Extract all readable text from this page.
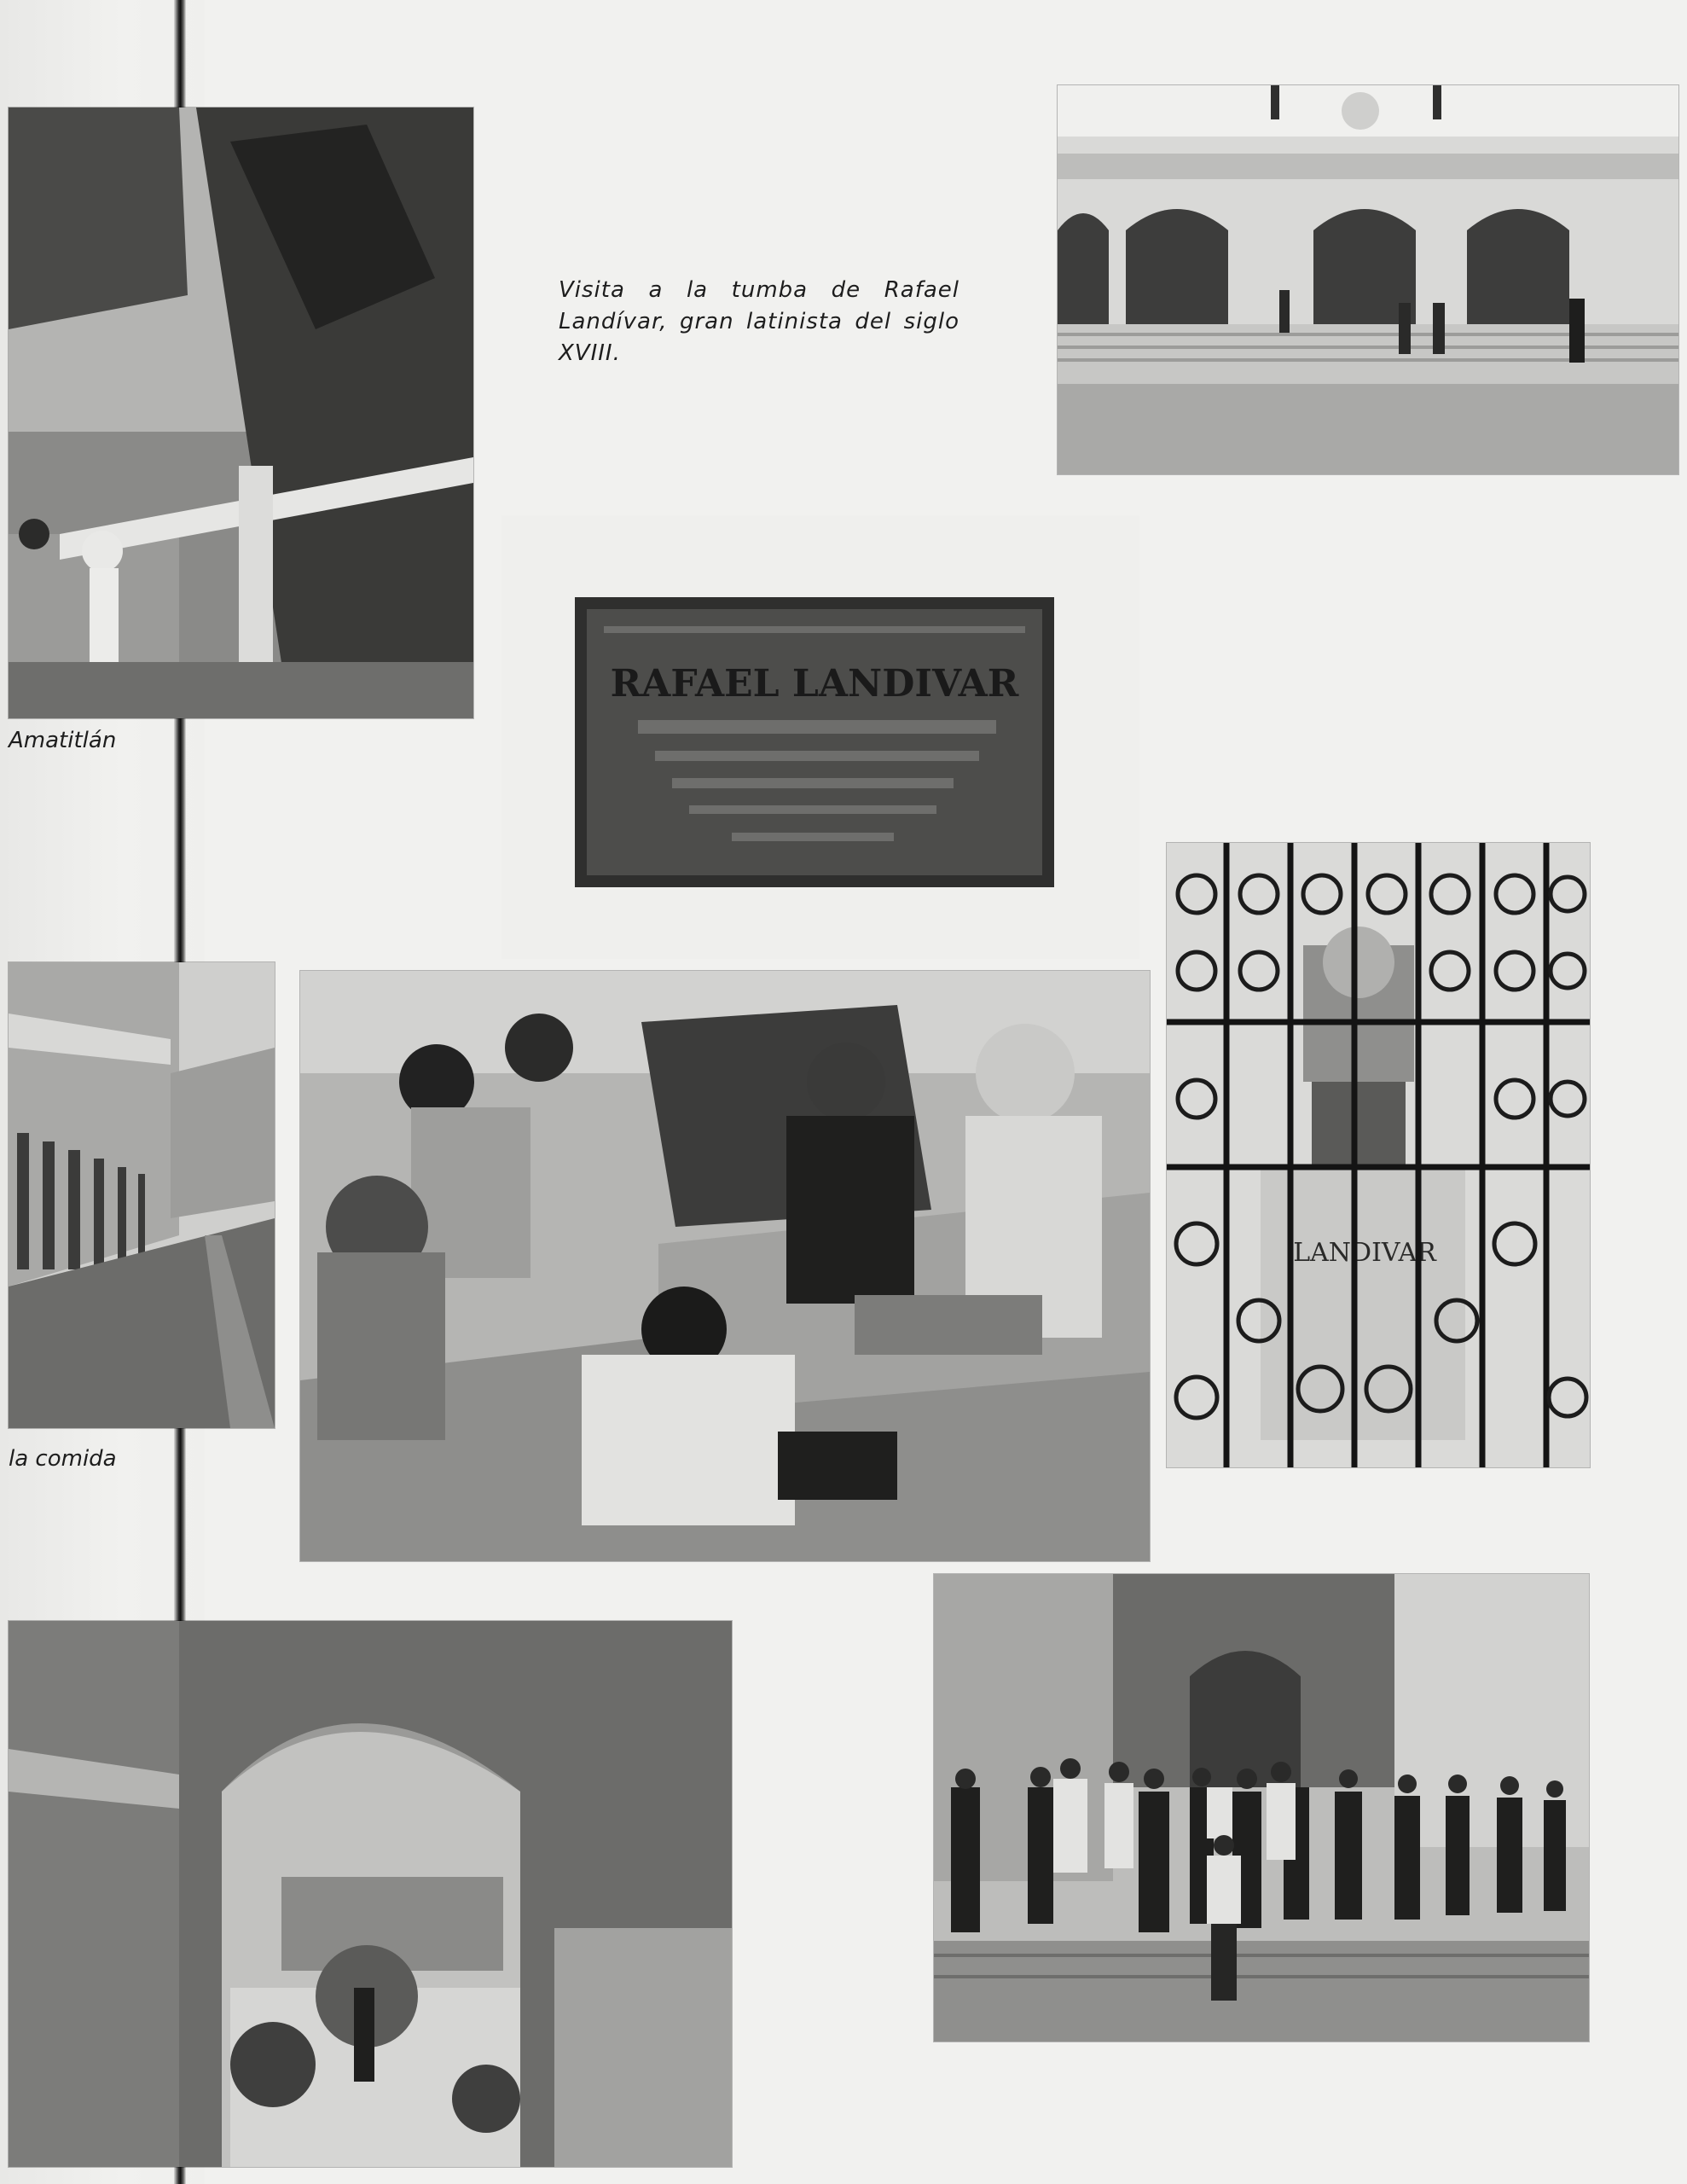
Amatitlán
la comida
Visita a la tumba de Rafael Landívar, gran latinista del siglo XVIII.
RAFAEL LANDIVAR
LANDIVAR
